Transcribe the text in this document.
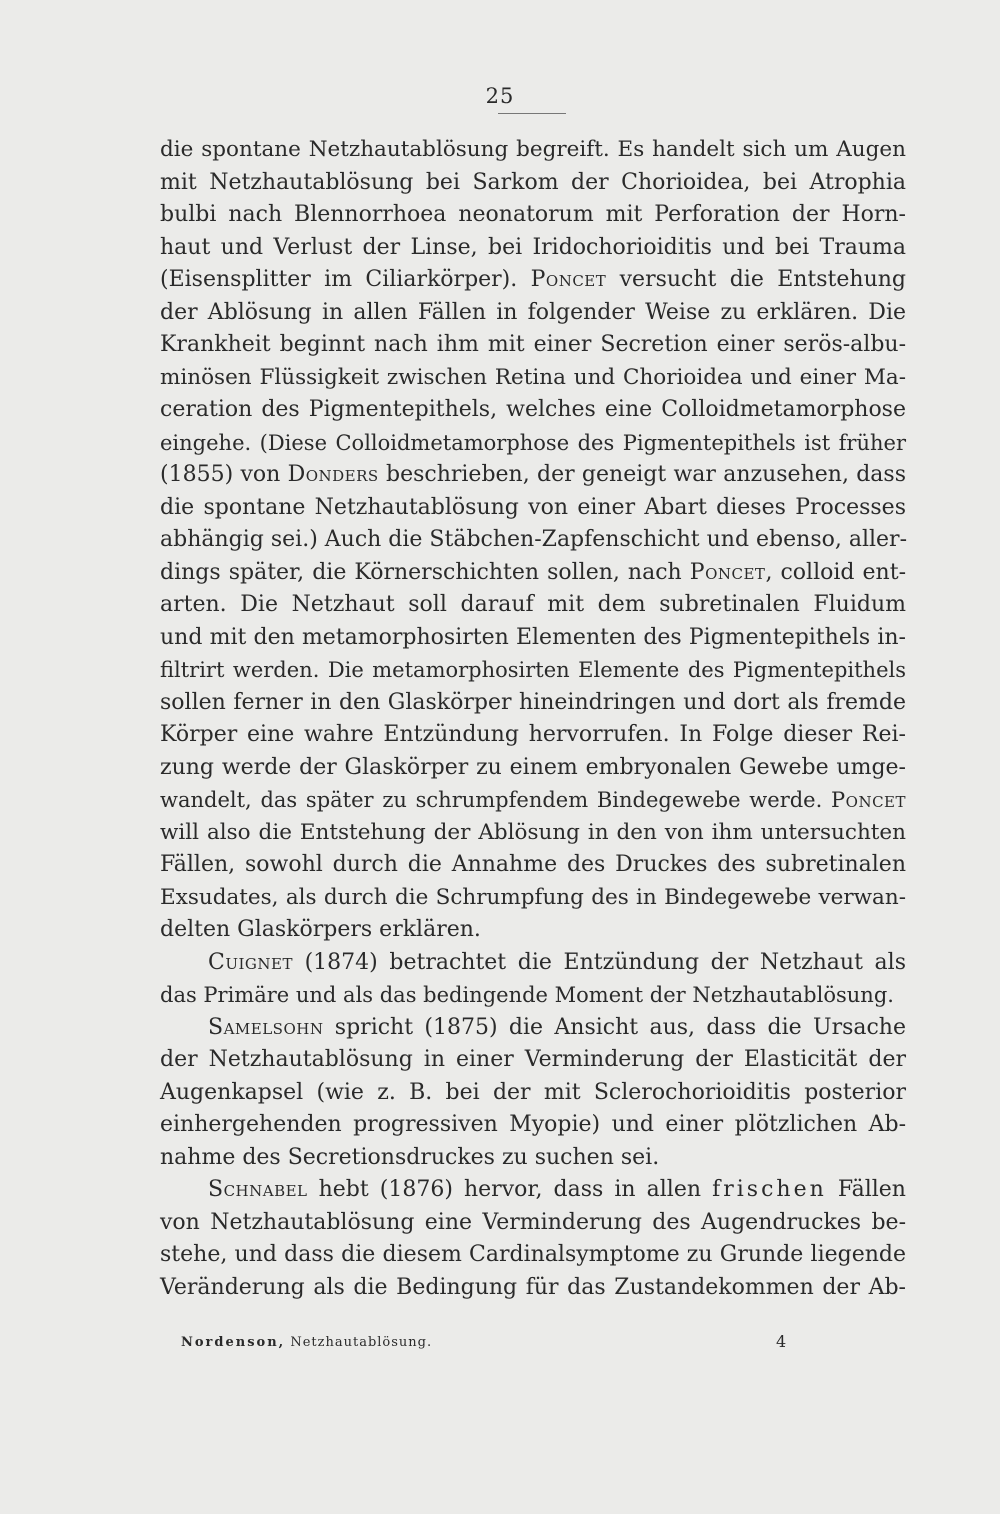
25
die spontane Netzhautablösung begreift. Es handelt sich um Augen
mit Netzhautablösung bei Sarkom der Chorioidea, bei Atrophia
bulbi nach Blennorrhoea neonatorum mit Perforation der Horn-
haut und Verlust der Linse, bei Iridochorioiditis und bei Trauma
(Eisensplitter im Ciliarkörper). Poncet versucht die Entstehung
der Ablösung in allen Fällen in folgender Weise zu erklären. Die
Krankheit beginnt nach ihm mit einer Secretion einer serös-albu-
minösen Flüssigkeit zwischen Retina und Chorioidea und einer Ma-
ceration des Pigmentepithels, welches eine Colloidmetamorphose
eingehe. (Diese Colloidmetamorphose des Pigmentepithels ist früher
(1855) von Donders beschrieben, der geneigt war anzusehen, dass
die spontane Netzhautablösung von einer Abart dieses Processes
abhängig sei.) Auch die Stäbchen-Zapfenschicht und ebenso, aller-
dings später, die Körnerschichten sollen, nach Poncet, colloid ent-
arten. Die Netzhaut soll darauf mit dem subretinalen Fluidum
und mit den metamorphosirten Elementen des Pigmentepithels in-
filtrirt werden. Die metamorphosirten Elemente des Pigmentepithels
sollen ferner in den Glaskörper hineindringen und dort als fremde
Körper eine wahre Entzündung hervorrufen. In Folge dieser Rei-
zung werde der Glaskörper zu einem embryonalen Gewebe umge-
wandelt, das später zu schrumpfendem Bindegewebe werde. Poncet
will also die Entstehung der Ablösung in den von ihm untersuchten
Fällen, sowohl durch die Annahme des Druckes des subretinalen
Exsudates, als durch die Schrumpfung des in Bindegewebe verwan-
delten Glaskörpers erklären.
Cuignet (1874) betrachtet die Entzündung der Netzhaut als
das Primäre und als das bedingende Moment der Netzhautablösung.
Samelsohn spricht (1875) die Ansicht aus, dass die Ursache
der Netzhautablösung in einer Verminderung der Elasticität der
Augenkapsel (wie z. B. bei der mit Sclerochorioiditis posterior
einhergehenden progressiven Myopie) und einer plötzlichen Ab-
nahme des Secretionsdruckes zu suchen sei.
Schnabel hebt (1876) hervor, dass in allen frischen Fällen
von Netzhautablösung eine Verminderung des Augendruckes be-
stehe, und dass die diesem Cardinalsymptome zu Grunde liegende
Veränderung als die Bedingung für das Zustandekommen der Ab-
Nordenson, Netzhautablösung.	4
